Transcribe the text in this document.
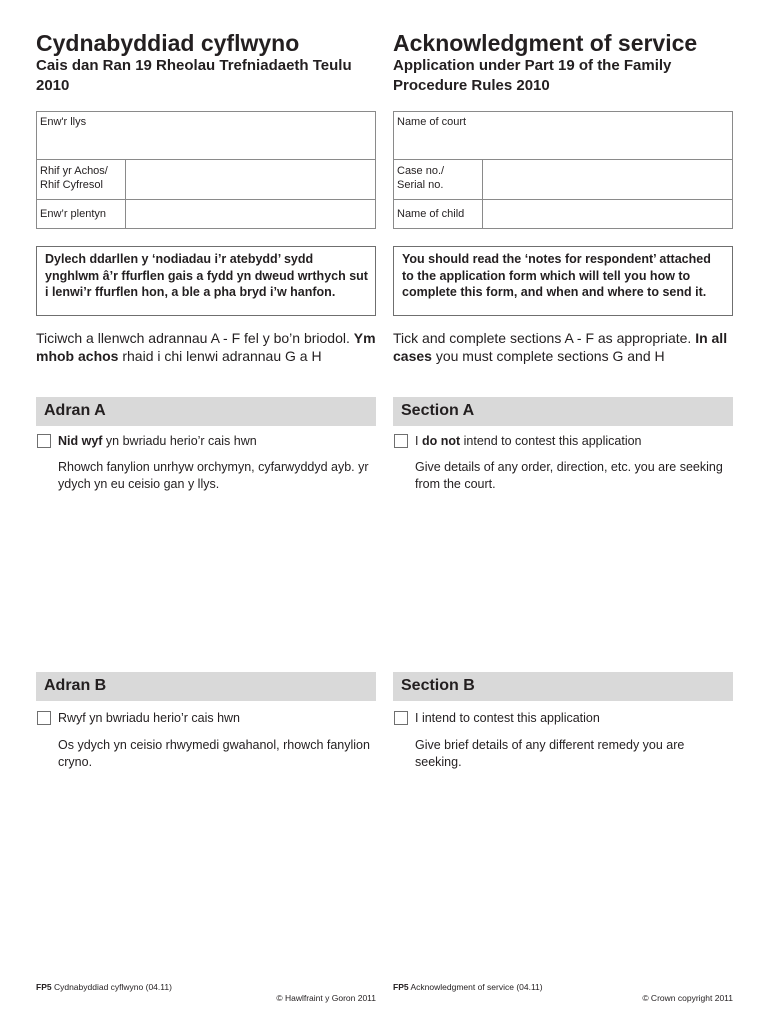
Cydnabyddiad cyflwyno
Cais dan Ran 19 Rheolau Trefniadaeth Teulu 2010
Enw'r llys
Rhif yr Achos/
Rhif Cyfresol
Enw’r plentyn
Dylech ddarllen y ‘nodiadau i’r atebydd’ sydd ynghlwm â’r ffurflen gais a fydd yn dweud wrthych sut i lenwi’r ffurflen hon, a ble a pha bryd i’w hanfon.
Ticiwch a llenwch adrannau A - F fel y bo’n briodol. Ym mhob achos rhaid i chi lenwi adrannau G a H
Adran A
Nid wyf yn bwriadu herio’r cais hwn
Rhowch fanylion unrhyw orchymyn, cyfarwyddyd ayb. yr ydych yn eu ceisio gan y llys.
Adran B
Rwyf yn bwriadu herio’r cais hwn
Os ydych yn ceisio rhwymedi gwahanol, rhowch fanylion cryno.
FP5 Cydnabyddiad cyflwyno (04.11)
© Hawlfraint y Goron 2011
Acknowledgment of service
Application under Part 19 of the Family Procedure Rules 2010
Name of court
Case no./
Serial no.
Name of child
You should read the ‘notes for respondent’ attached to the application form which will tell you how to complete this form, and when and where to send it.
Tick and complete sections A - F as appropriate. In all cases you must complete sections G and H
Section A
I do not intend to contest this application
Give details of any order, direction, etc. you are seeking from the court.
Section B
I intend to contest this application
Give brief details of any different remedy you are seeking.
FP5 Acknowledgment of service (04.11)
© Crown copyright 2011
